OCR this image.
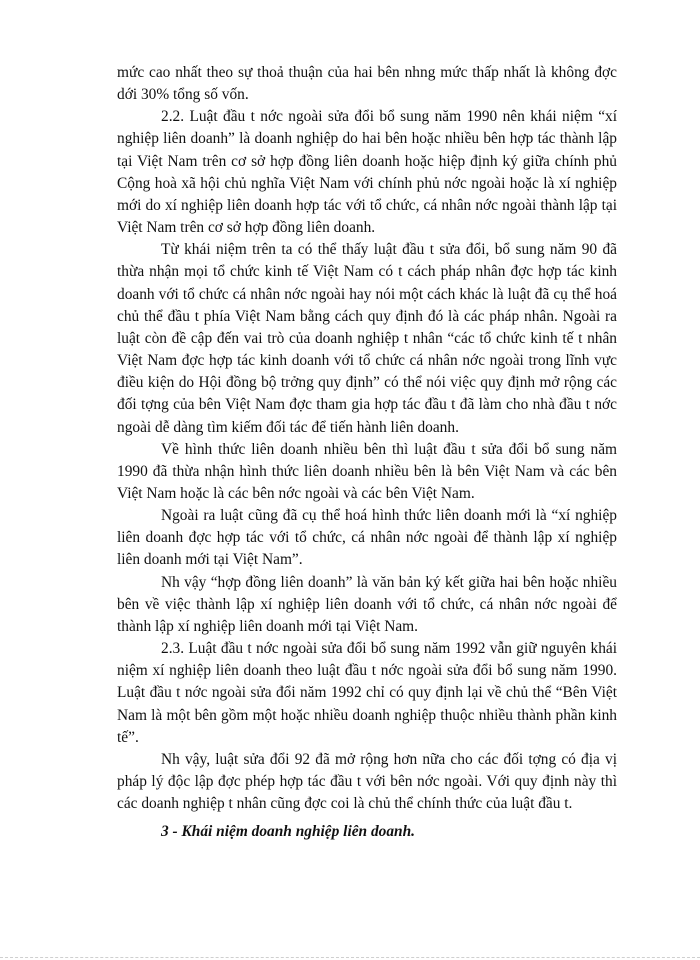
mức cao nhất theo sự thoả thuận của hai bên nhng mức thấp nhất là không đợc dới 30% tổng số vốn.

2.2. Luật đầu t nớc ngoài sửa đổi bổ sung năm 1990 nên khái niệm “xí nghiệp liên doanh” là doanh nghiệp do hai bên hoặc nhiều bên hợp tác thành lập tại Việt Nam trên cơ sở hợp đồng liên doanh hoặc hiệp định ký giữa chính phủ Cộng hoà xã hội chủ nghĩa Việt Nam với chính phủ nớc ngoài hoặc là xí nghiệp mới do xí nghiệp liên doanh hợp tác với tổ chức, cá nhân nớc ngoài thành lập tại Việt Nam trên cơ sở hợp đồng liên doanh.

Từ khái niệm trên ta có thể thấy luật đầu t sửa đổi, bổ sung năm 90 đã thừa nhận mọi tổ chức kinh tế Việt Nam có t cách pháp nhân đợc hợp tác kinh doanh với tổ chức cá nhân nớc ngoài hay nói một cách khác là luật đã cụ thể hoá chủ thể đầu t phía Việt Nam bằng cách quy định đó là các pháp nhân. Ngoài ra luật còn đề cập đến vai trò của doanh nghiệp t nhân “các tổ chức kinh tế t nhân Việt Nam đợc hợp tác kinh doanh với tổ chức cá nhân nớc ngoài trong lĩnh vực điều kiện do Hội đồng bộ trởng quy định” có thể nói việc quy định mở rộng các đối tợng của bên Việt Nam đợc tham gia hợp tác đầu t đã làm cho nhà đầu t nớc ngoài dễ dàng tìm kiếm đối tác để tiến hành liên doanh.

Về hình thức liên doanh nhiều bên thì luật đầu t sửa đổi bổ sung năm 1990 đã thừa nhận hình thức liên doanh nhiều bên là bên Việt Nam và các bên Việt Nam hoặc là các bên nớc ngoài và các bên Việt Nam.

Ngoài ra luật cũng đã cụ thể hoá hình thức liên doanh mới là “xí nghiệp liên doanh đợc hợp tác với tổ chức, cá nhân nớc ngoài để thành lập xí nghiệp liên doanh mới tại Việt Nam”.

Nh vậy “hợp đồng liên doanh” là văn bản ký kết giữa hai bên hoặc nhiều bên về việc thành lập xí nghiệp liên doanh với tổ chức, cá nhân nớc ngoài để thành lập xí nghiệp liên doanh mới tại Việt Nam.

2.3. Luật đầu t nớc ngoài sửa đổi bổ sung năm 1992 vẫn giữ nguyên khái niệm xí nghiệp liên doanh theo luật đầu t nớc ngoài sửa đổi bổ sung năm 1990. Luật đầu t nớc ngoài sửa đổi năm 1992 chỉ có quy định lại về chủ thể “Bên Việt Nam là một bên gồm một hoặc nhiều doanh nghiệp thuộc nhiều thành phần kinh tế”.

Nh vậy, luật sửa đổi 92 đã mở rộng hơn nữa cho các đối tợng có địa vị pháp lý độc lập đợc phép hợp tác đầu t với bên nớc ngoài. Với quy định này thì các doanh nghiệp t nhân cũng đợc coi là chủ thể chính thức của luật đầu t.

3 - Khái niệm doanh nghiệp liên doanh.
